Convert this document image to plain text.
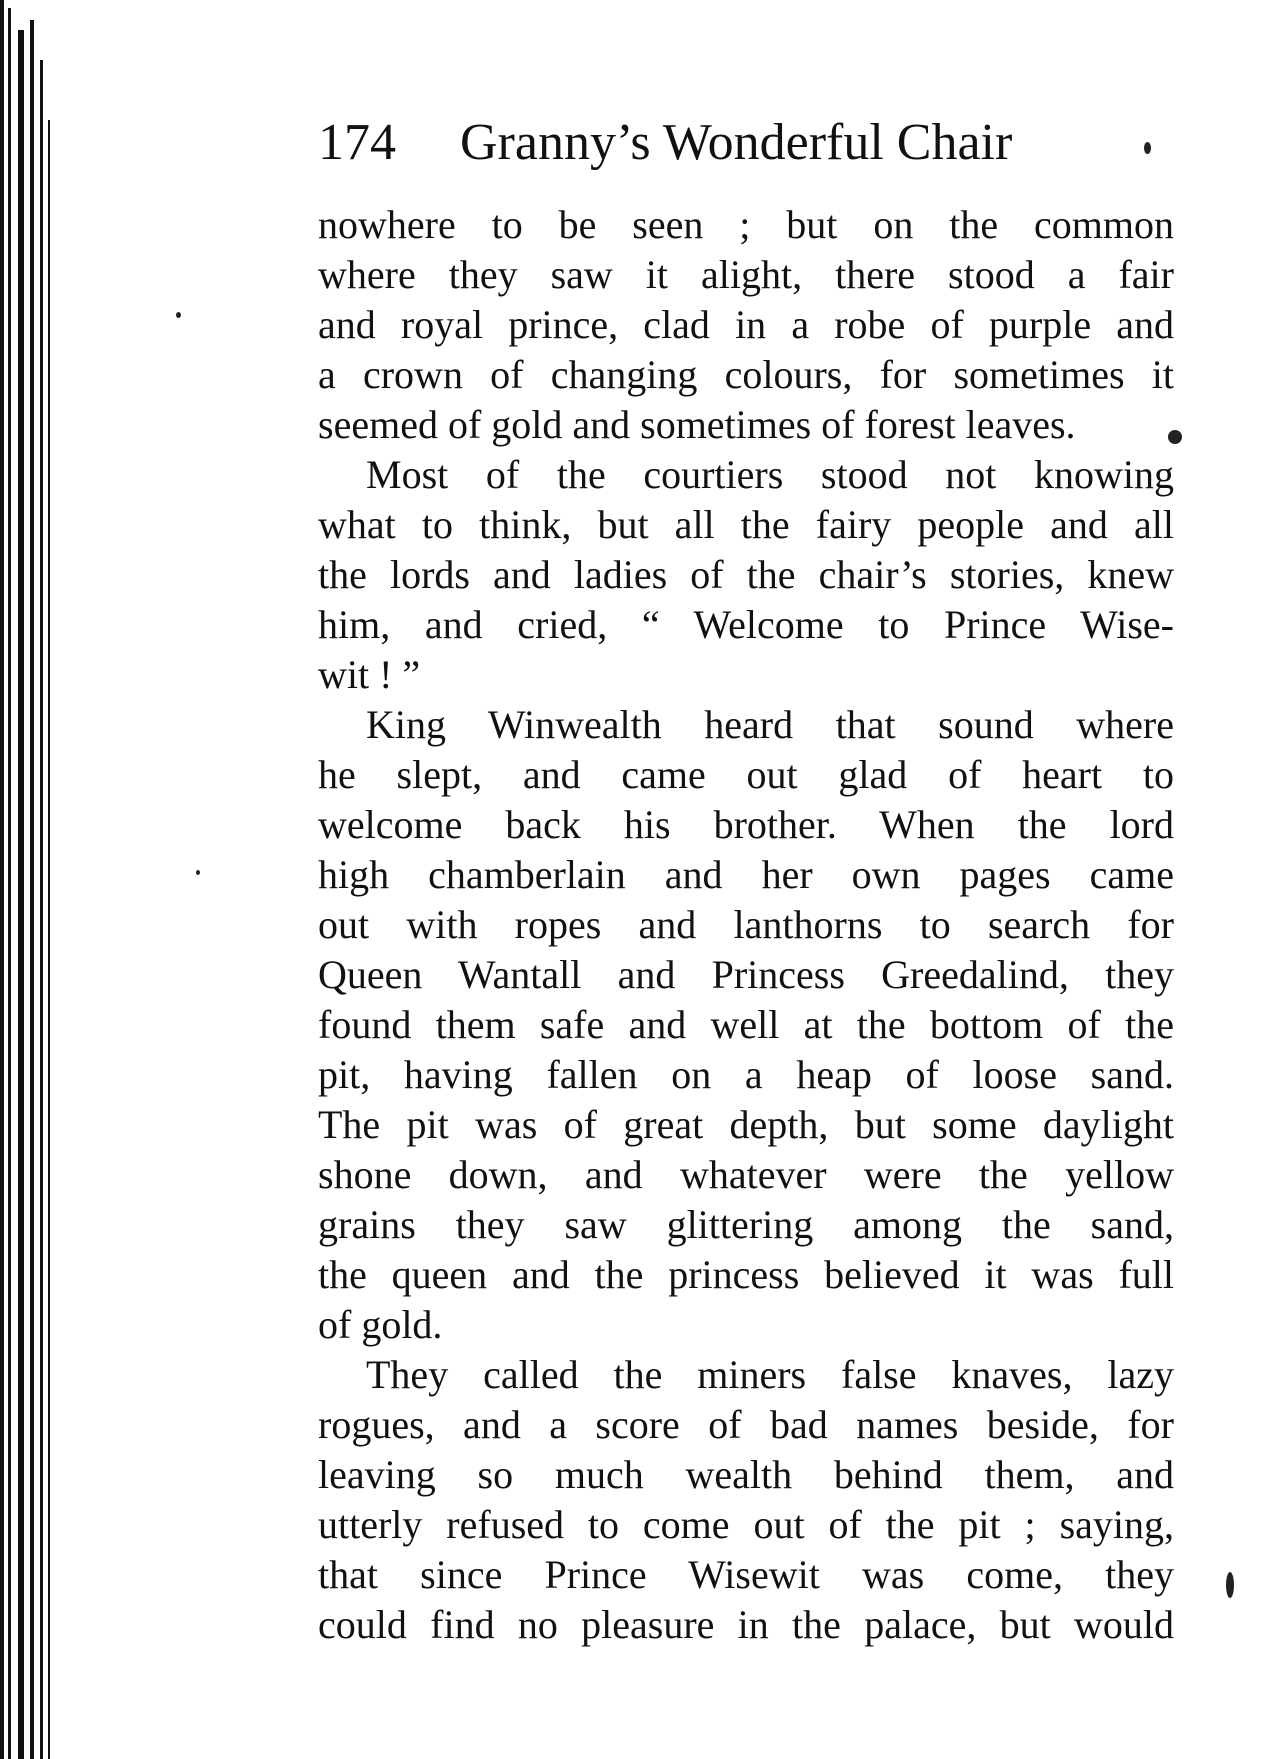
174 Granny’s Wonderful Chair

nowhere to be seen ; but on the common
where they saw it alight, there stood a fair
and royal prince, clad in a robe of purple and
a crown of changing colours, for sometimes it
seemed of gold and sometimes of forest leaves.

Most of the courtiers stood not knowing
what to think, but all the fairy people and all
the lords and ladies of the chair’s stories, knew
him, and cried, “ Welcome to Prince Wise-
wit ! ”

King Winwealth heard that sound where
he slept, and came out glad of heart to
welcome back his brother. When the lord
high chamberlain and her own pages came
out with ropes and lanthorns to search for
Queen Wantall and Princess Greedalind, they
found them safe and well at the bottom of the
pit, having fallen on a heap of loose sand.
The pit was of great depth, but some daylight
shone down, and whatever were the yellow
grains they saw glittering among the sand,
the queen and the princess believed it was full
of gold.

They called the miners false knaves, lazy
rogues, and a score of bad names beside, for
leaving so much wealth behind them, and
utterly refused to come out of the pit ; saying,
that since Prince Wisewit was come, they
could find no pleasure in the palace, but would
